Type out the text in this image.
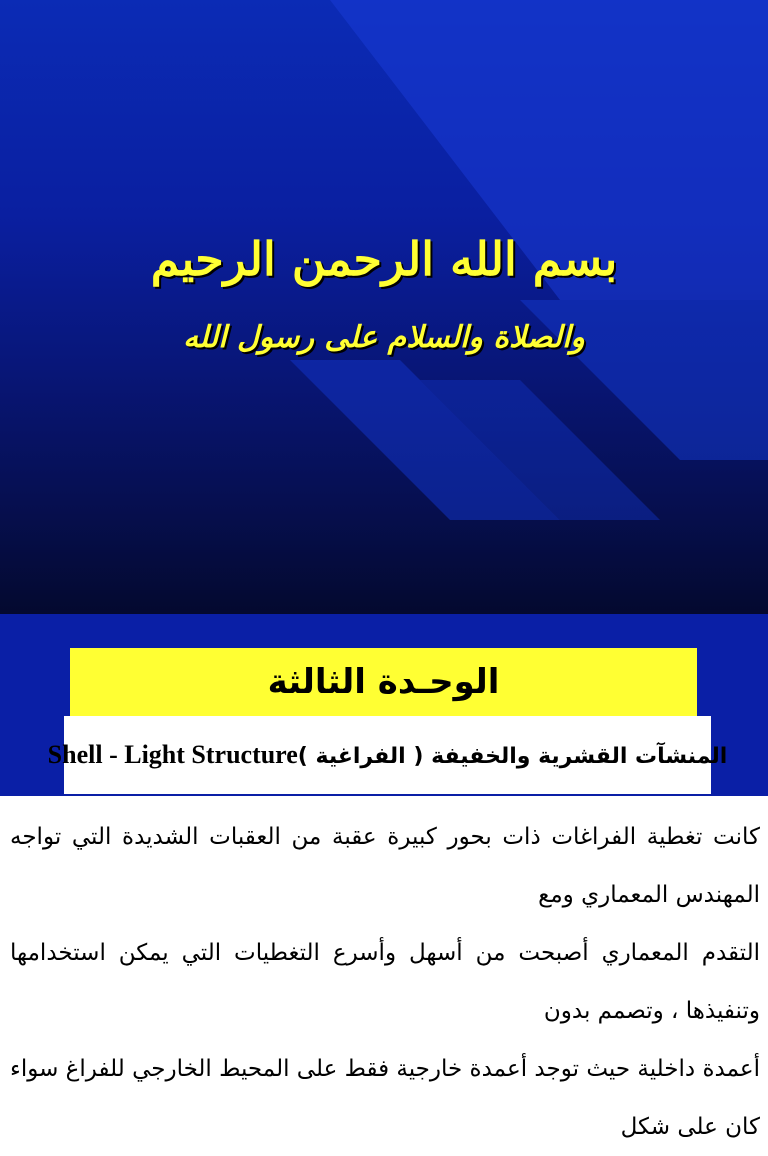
بسم الله الرحمن الرحيم
والصلاة والسلام على رسول الله
الوحـدة الثالثة
Shell - Light Structureالمنشآت القشرية والخفيفة ( الفراغية )

كانت تغطية الفراغات ذات بحور كبيرة عقبة من العقبات الشديدة التي تواجه المهندس المعماري ومع

التقدم المعماري أصبحت من أسهل وأسرع التغطيات التي يمكن استخدامها وتنفيذها ، وتصمم بدون

أعمدة داخلية حيث توجد أعمدة خارجية فقط على المحيط الخارجي للفراغ سواء كان على شكل
